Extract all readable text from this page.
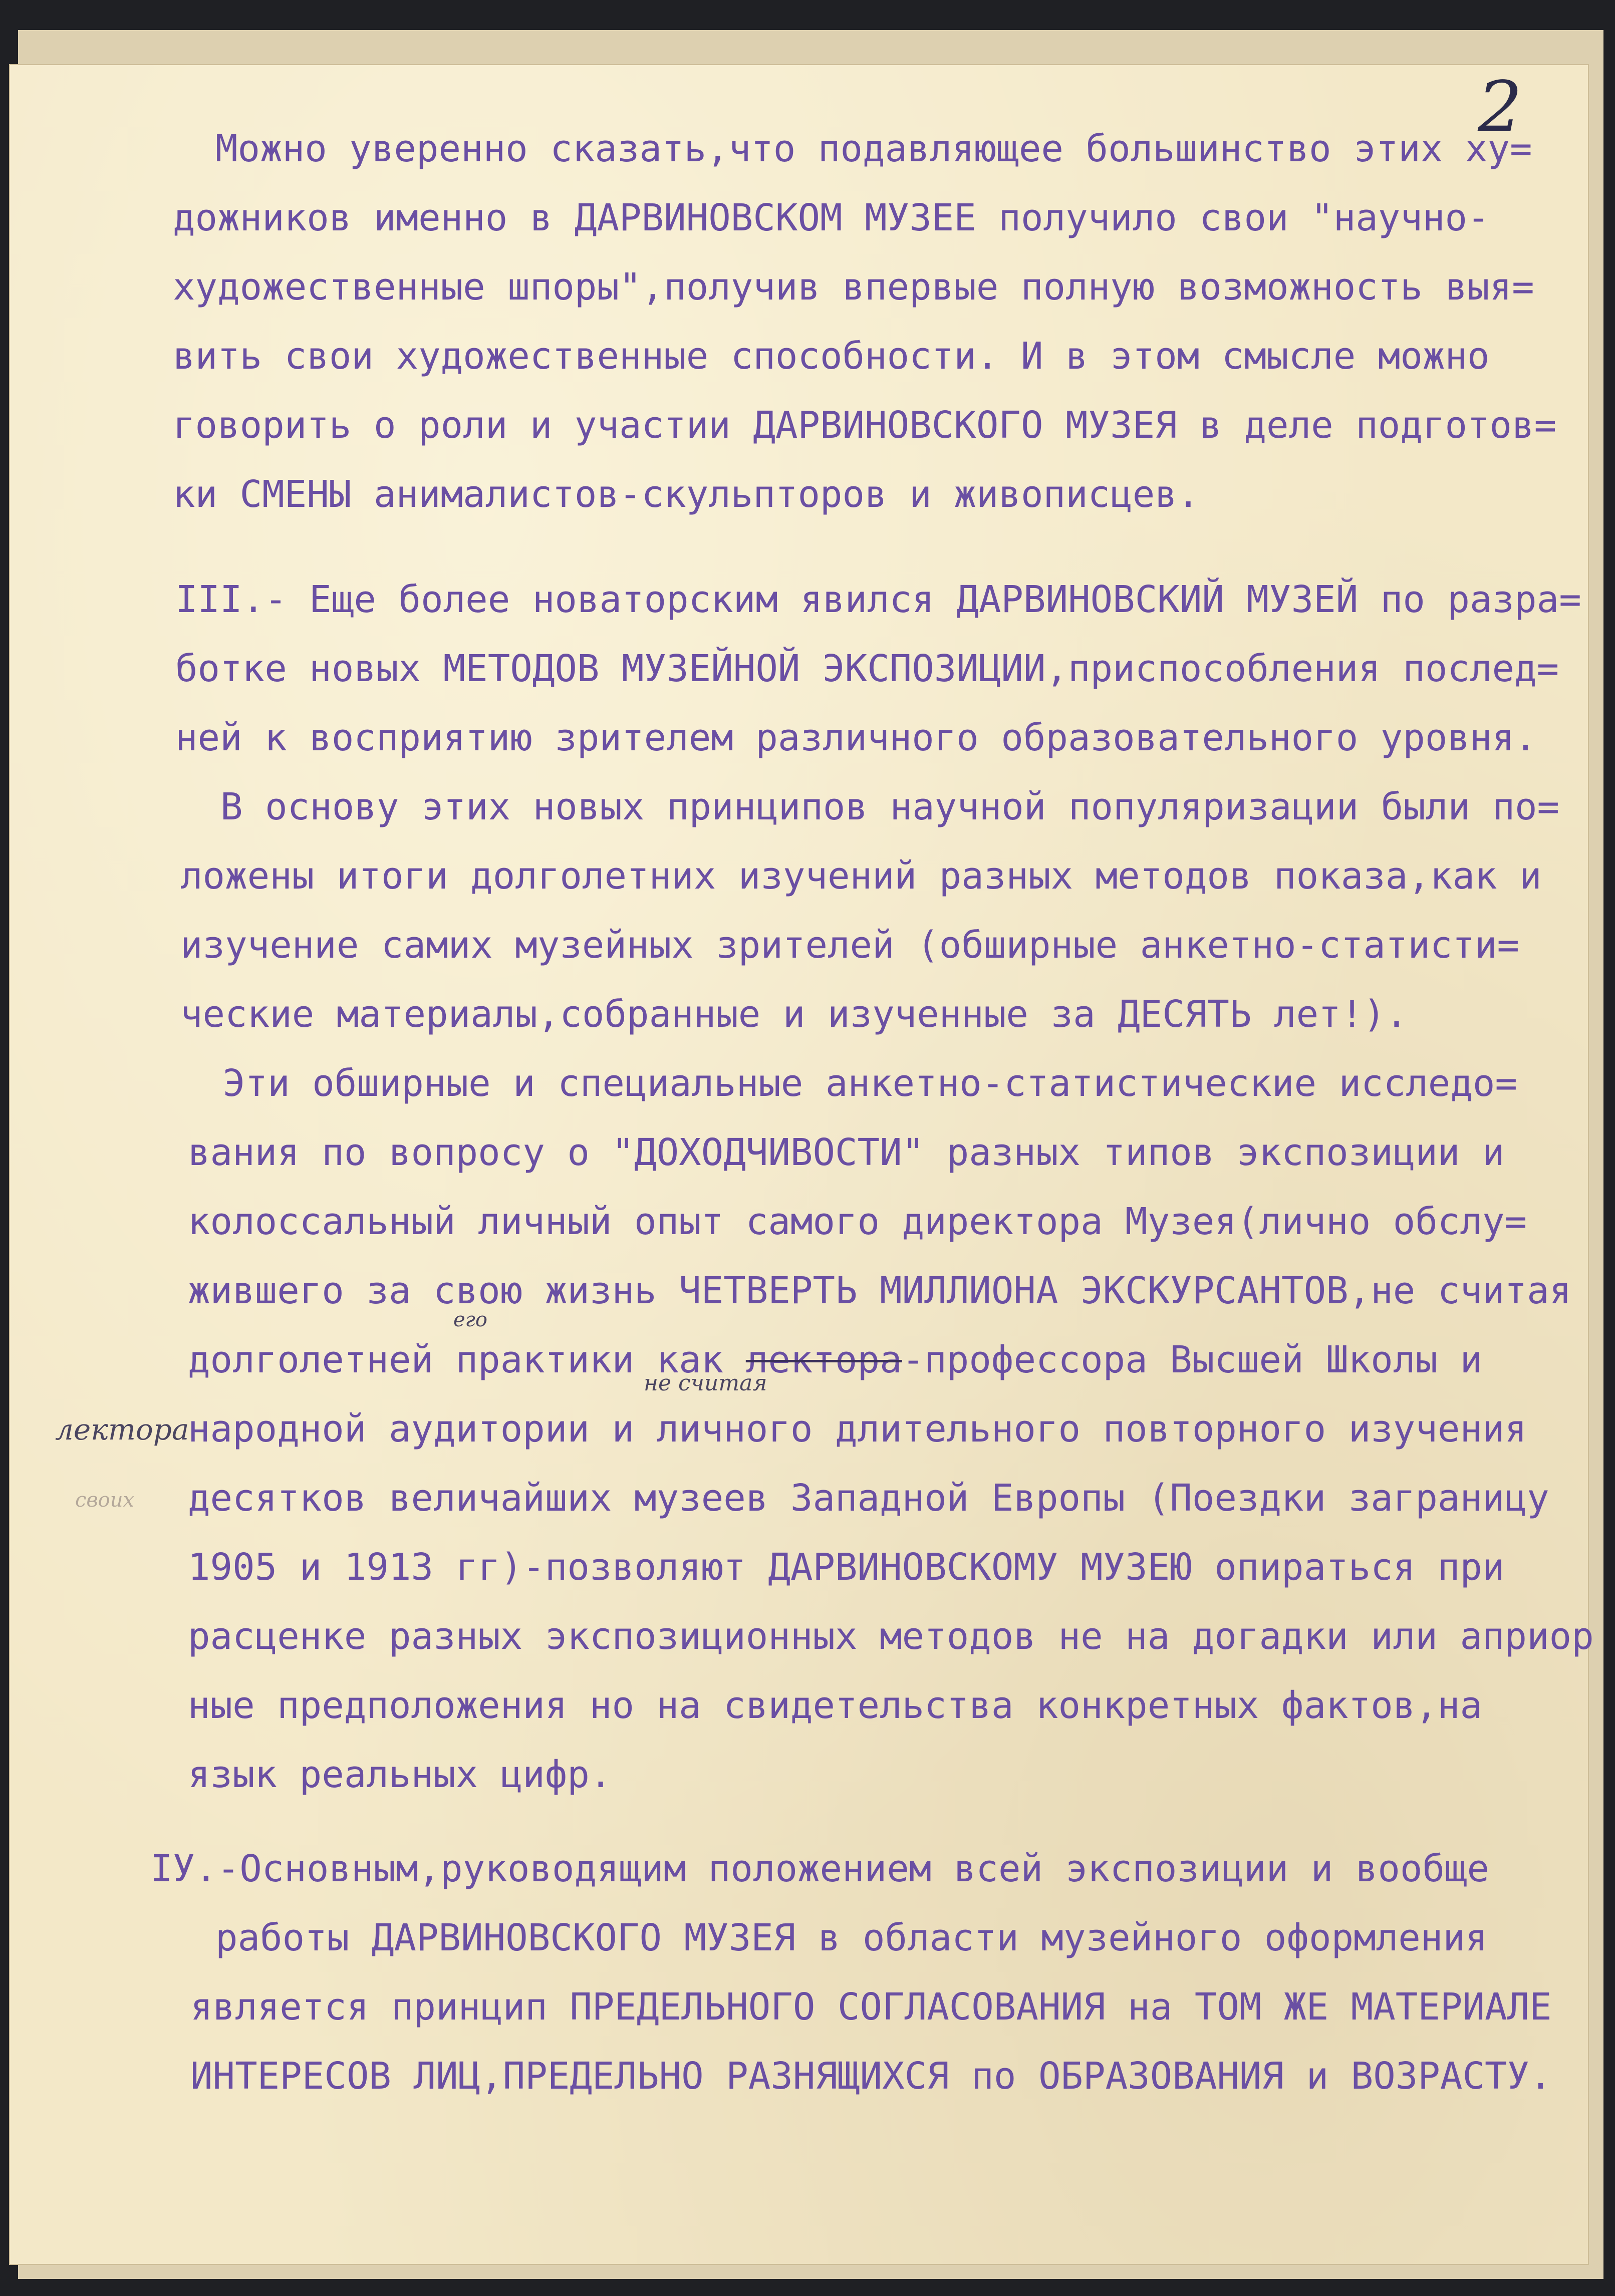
2
Можно уверенно сказать,что подавляющее большинство этих ху=
дожников именно в ДАРВИНОВСКОМ МУЗЕЕ получило свои "научно-
художественные шпоры",получив впервые полную возможность выя=
вить свои художественные способности. И в этом смысле можно
говорить о роли и участии ДАРВИНОВСКОГО МУЗЕЯ в деле подготов=
ки СМЕНЫ анималистов-скульпторов и живописцев.
III.- Еще более новаторским явился ДАРВИНОВСКИЙ МУЗЕЙ по разра=
ботке новых МЕТОДОВ МУЗЕЙНОЙ ЭКСПОЗИЦИИ,приспособления послед=
ней к восприятию зрителем различного образовательного уровня.
В основу этих новых принципов научной популяризации были по=
ложены итоги долголетних изучений разных методов показа,как и
изучение самих музейных зрителей (обширные анкетно-статисти=
ческие материалы,собранные и изученные за ДЕСЯТЬ лет!).
Эти обширные и специальные анкетно-статистические исследо=
вания по вопросу о "ДОХОДЧИВОСТИ" разных типов экспозиции и
колоссальный личный опыт самого директора Музея(лично обслу=
жившего за свою жизнь ЧЕТВЕРТЬ МИЛЛИОНА ЭКСКУРСАНТОВ,не считая
долголетней практики как лектора-профессора Высшей Школы и
народной аудитории и личного длительного повторного изучения
десятков величайших музеев Западной Европы (Поездки заграницу
1905 и 1913 гг)-позволяют ДАРВИНОВСКОМУ МУЗЕЮ опираться при
расценке разных экспозиционных методов не на догадки или априор
ные предположения но на свидетельства конкретных фактов,на
язык реальных цифр.
IУ.-Основным,руководящим положением всей экспозиции и вообще
работы ДАРВИНОВСКОГО МУЗЕЯ в области музейного оформления
является принцип ПРЕДЕЛЬНОГО СОГЛАСОВАНИЯ на ТОМ ЖЕ МАТЕРИАЛЕ
ИНТЕРЕСОВ ЛИЦ,ПРЕДЕЛЬНО РАЗНЯЩИХСЯ по ОБРАЗОВАНИЯ и ВОЗРАСТУ.
его
не считая
лектора
своих
